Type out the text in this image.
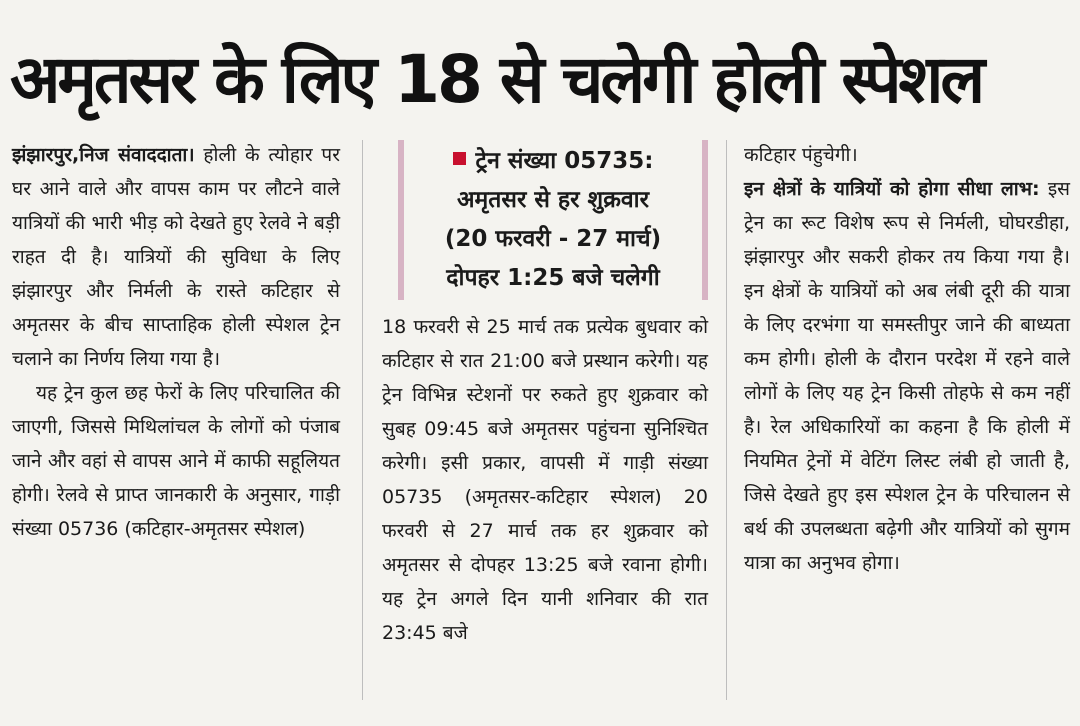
अमृतसर के लिए 18 से चलेगी होली स्पेशल

झंझारपुर,निज संवाददाता। होली के त्योहार पर घर आने वाले और वापस काम पर लौटने वाले यात्रियों की भारी भीड़ को देखते हुए रेलवे ने बड़ी राहत दी है। यात्रियों की सुविधा के लिए झंझारपुर और निर्मली के रास्ते कटिहार से अमृतसर के बीच साप्ताहिक होली स्पेशल ट्रेन चलाने का निर्णय लिया गया है।

यह ट्रेन कुल छह फेरों के लिए परिचालित की जाएगी, जिससे मिथिलांचल के लोगों को पंजाब जाने और वहां से वापस आने में काफी सहूलियत होगी। रेलवे से प्राप्त जानकारी के अनुसार, गाड़ी संख्या 05736 (कटिहार-अमृतसर स्पेशल)

ट्रेन संख्या 05735:
अमृतसर से हर शुक्रवार
(20 फरवरी - 27 मार्च)
दोपहर 1:25 बजे चलेगी

18 फरवरी से 25 मार्च तक प्रत्येक बुधवार को कटिहार से रात 21:00 बजे प्रस्थान करेगी। यह ट्रेन विभिन्न स्टेशनों पर रुकते हुए शुक्रवार को सुबह 09:45 बजे अमृतसर पहुंचना सुनिश्चित करेगी। इसी प्रकार, वापसी में गाड़ी संख्या 05735 (अमृतसर-कटिहार स्पेशल) 20 फरवरी से 27 मार्च तक हर शुक्रवार को अमृतसर से दोपहर 13:25 बजे रवाना होगी। यह ट्रेन अगले दिन यानी शनिवार की रात 23:45 बजे

कटिहार पंहुचेगी।

इन क्षेत्रों के यात्रियों को होगा सीधा लाभ: इस ट्रेन का रूट विशेष रूप से निर्मली, घोघरडीहा, झंझारपुर और सकरी होकर तय किया गया है। इन क्षेत्रों के यात्रियों को अब लंबी दूरी की यात्रा के लिए दरभंगा या समस्तीपुर जाने की बाध्यता कम होगी। होली के दौरान परदेश में रहने वाले लोगों के लिए यह ट्रेन किसी तोहफे से कम नहीं है। रेल अधिकारियों का कहना है कि होली में नियमित ट्रेनों में वेटिंग लिस्ट लंबी हो जाती है, जिसे देखते हुए इस स्पेशल ट्रेन के परिचालन से बर्थ की उपलब्धता बढ़ेगी और यात्रियों को सुगम यात्रा का अनुभव होगा।
